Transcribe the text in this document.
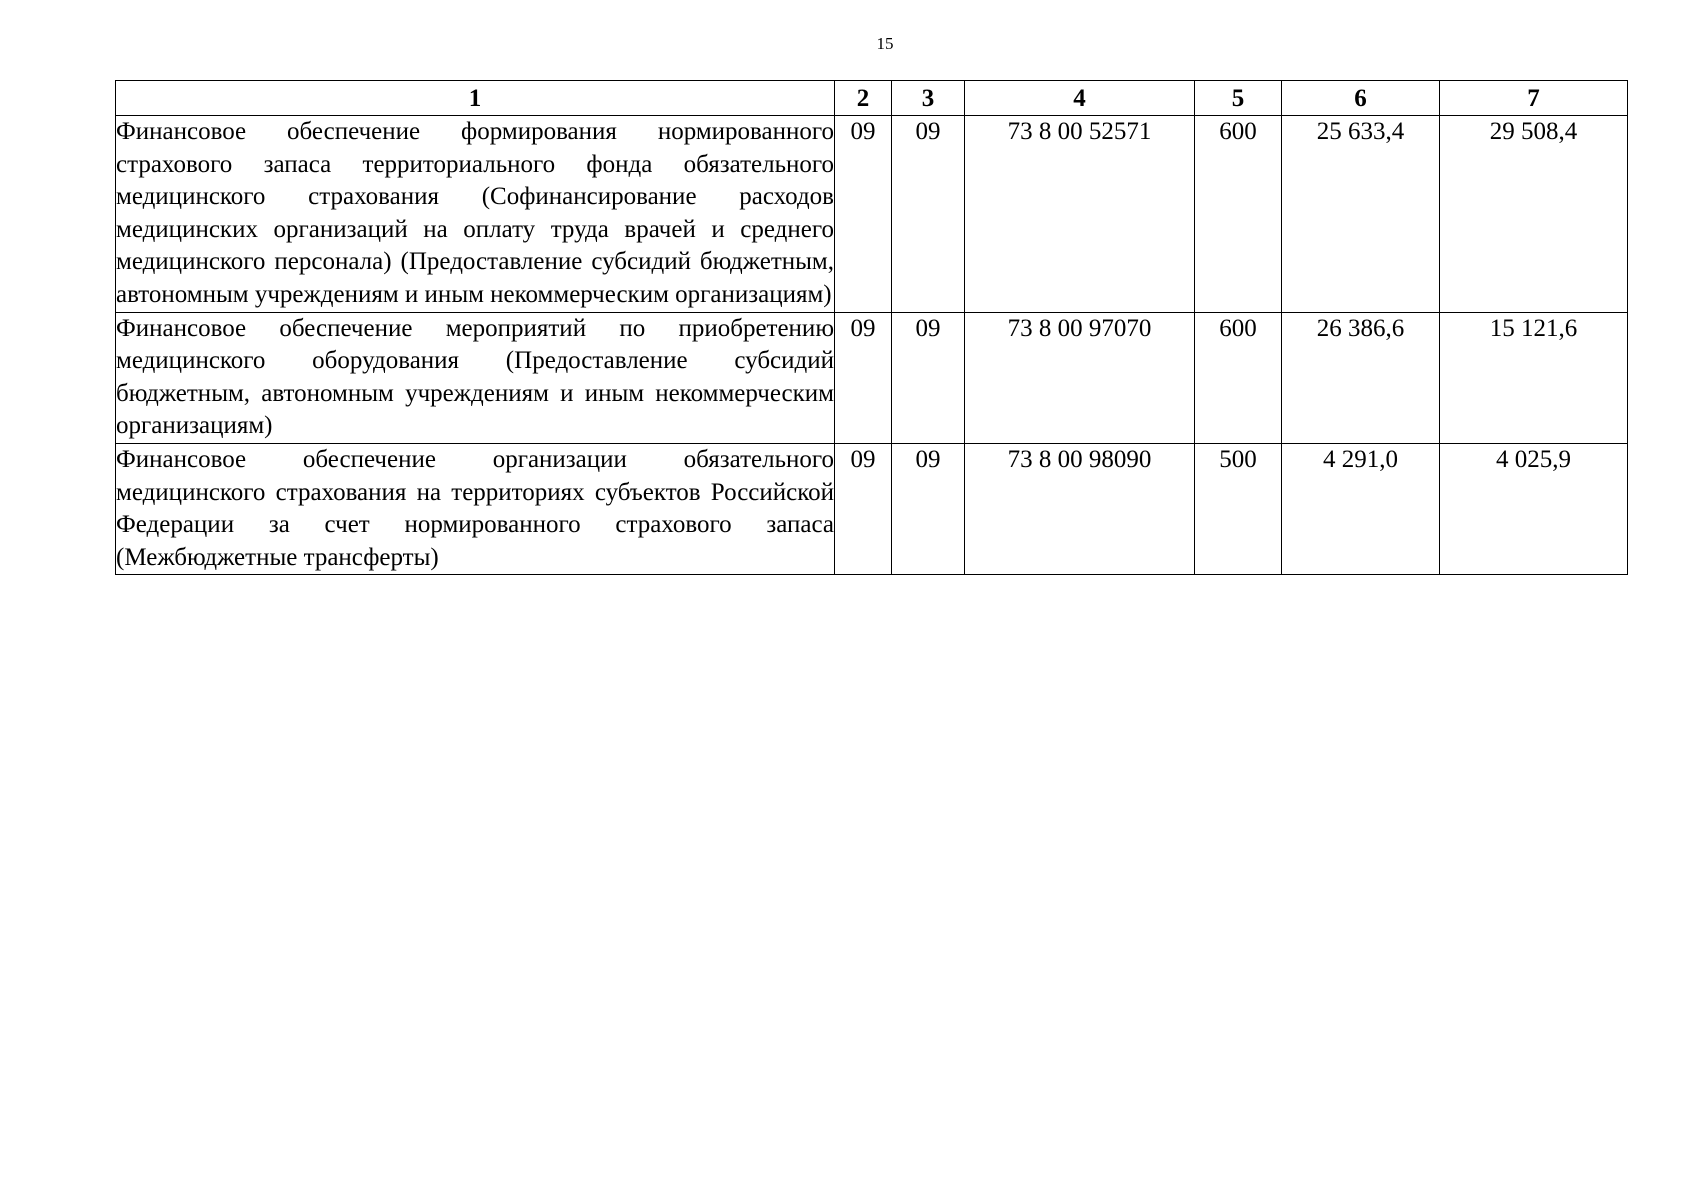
15
1	2	3	4	5	6	7
Финансовое обеспечение формирования нормированного страхового запаса территориального фонда обязательного медицинского страхования (Софинансирование расходов медицинских организаций на оплату труда врачей и среднего медицинского персонала) (Предоставление субсидий бюджетным, автономным учреждениям и иным некоммерческим организациям)	09	09	73 8 00 52571	600	25 633,4	29 508,4
Финансовое обеспечение мероприятий по приобретению медицинского оборудования (Предоставление субсидий бюджетным, автономным учреждениям и иным некоммерческим организациям)	09	09	73 8 00 97070	600	26 386,6	15 121,6
Финансовое обеспечение организации обязательного медицинского страхования на территориях субъектов Российской Федерации за счет нормированного страхового запаса (Межбюджетные трансферты)	09	09	73 8 00 98090	500	4 291,0	4 025,9
